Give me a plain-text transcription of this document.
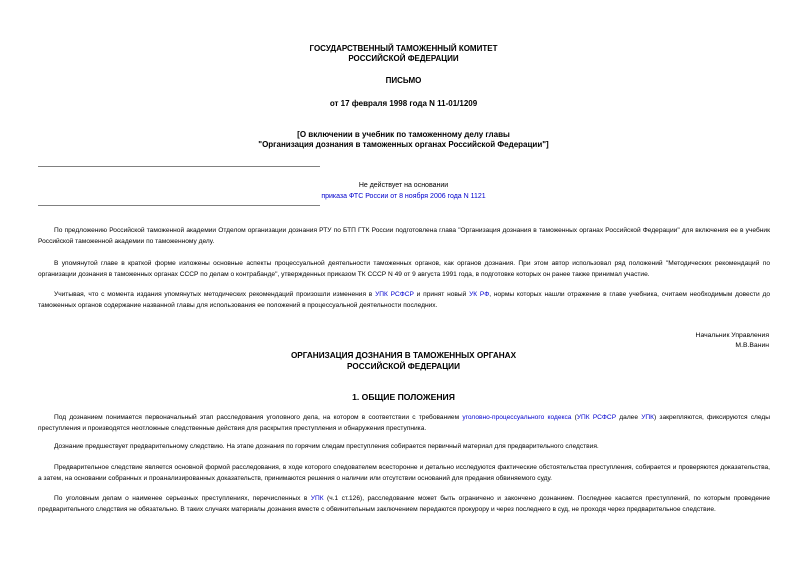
ГОСУДАРСТВЕННЫЙ ТАМОЖЕННЫЙ КОМИТЕТ
РОССИЙСКОЙ ФЕДЕРАЦИИ
ПИСЬМО
от 17 февраля 1998 года N 11-01/1209
[О включении в учебник по таможенному делу главы
"Организация дознания в таможенных органах Российской Федерации"]
Не действует на основании
приказа ФТС России от 8 ноября 2006 года N 1121

По предложению Российской таможенной академии Отделом организации дознания РТУ по БТП ГТК России подготовлена глава "Организация дознания в таможенных органах Российской Федерации" для включения ее в учебник Российской таможенной академии по таможенному делу.

В упомянутой главе в краткой форме изложены основные аспекты процессуальной деятельности таможенных органов, как органов дознания. При этом автор использовал ряд положений "Методических рекомендаций по организации дознания в таможенных органах СССР по делам о контрабанде", утвержденных приказом ТК СССР N 49 от 9 августа 1991 года, в подготовке которых он ранее также принимал участие.

Учитывая, что с момента издания упомянутых методических рекомендаций произошли изменения в УПК РСФСР и принят новый УК РФ, нормы которых нашли отражение в главе учебника, считаем необходимым довести до таможенных органов содержание названной главы для использования ее положений в процессуальной деятельности последних.

Начальник Управления
М.В.Ванин
ОРГАНИЗАЦИЯ ДОЗНАНИЯ В ТАМОЖЕННЫХ ОРГАНАХ
РОССИЙСКОЙ ФЕДЕРАЦИИ
1. ОБЩИЕ ПОЛОЖЕНИЯ

Под дознанием понимается первоначальный этап расследования уголовного дела, на котором в соответствии с требованием уголовно-процессуального кодекса (УПК РСФСР далее УПК) закрепляются, фиксируются следы преступления и производятся неотложные следственные действия для раскрытия преступления и обнаружения преступника.

Дознание предшествует предварительному следствию. На этапе дознания по горячим следам преступления собирается первичный материал для предварительного следствия.

Предварительное следствие является основной формой расследования, в ходе которого следователем всесторонне и детально исследуются фактические обстоятельства преступления, собирается и проверяются доказательства, а затем, на основании собранных и проанализированных доказательств, принимаются решения о наличии или отсутствии оснований для предания обвиняемого суду.

По уголовным делам о наименее серьезных преступлениях, перечисленных в УПК (ч.1 ст.126), расследование может быть ограничено и закончено дознанием. Последнее касается преступлений, по которым проведение предварительного следствия не обязательно. В таких случаях материалы дознания вместе с обвинительным заключением передаются прокурору и через последнего в суд, не проходя через предварительное следствие.
